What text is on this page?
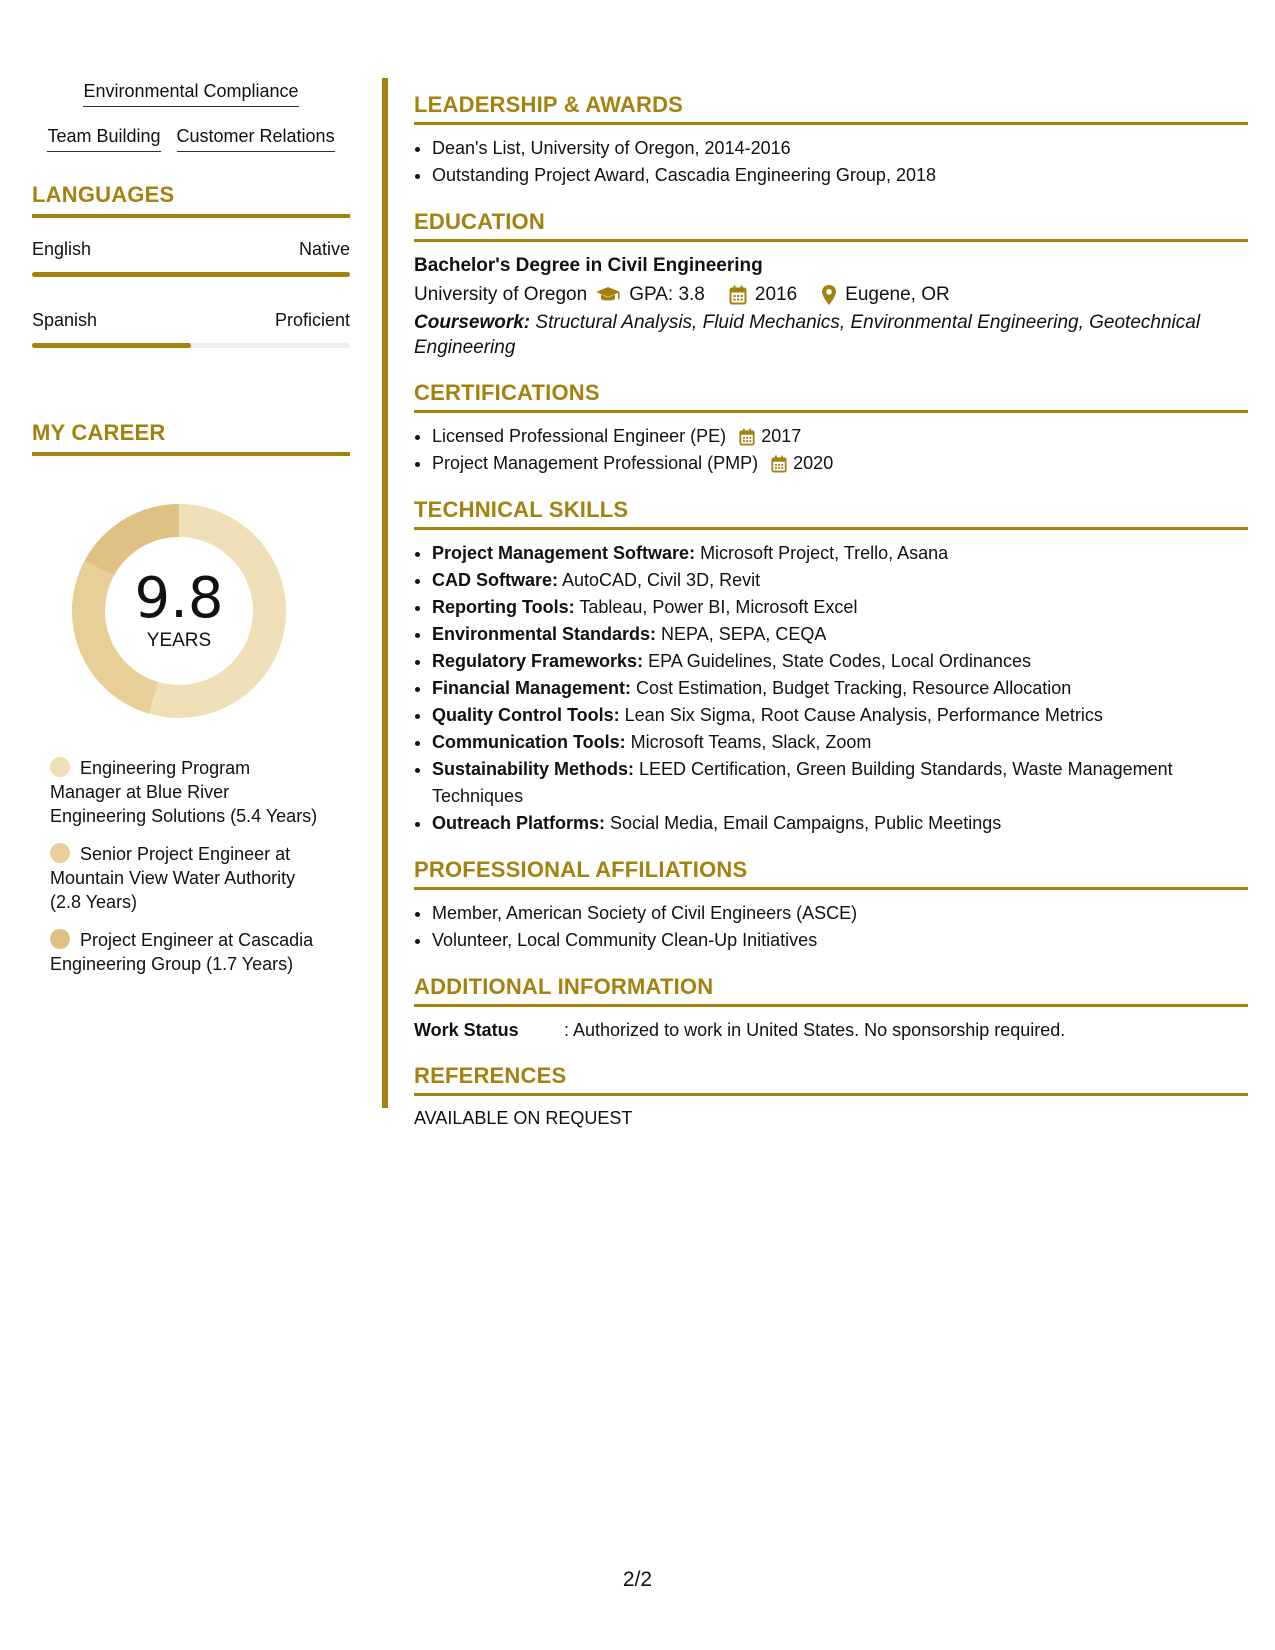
Environmental Compliance
Team Building Customer Relations
LANGUAGES
English	Native
Spanish	Proficient
MY CAREER
9.8
YEARS
Engineering Program Manager at Blue River Engineering Solutions (5.4 Years)
Senior Project Engineer at Mountain View Water Authority (2.8 Years)
Project Engineer at Cascadia Engineering Group (1.7 Years)
LEADERSHIP & AWARDS
• Dean's List, University of Oregon, 2014-2016
• Outstanding Project Award, Cascadia Engineering Group, 2018
EDUCATION
Bachelor's Degree in Civil Engineering
University of Oregon GPA: 3.8	2016	Eugene, OR
Coursework: Structural Analysis, Fluid Mechanics, Environmental Engineering, Geotechnical Engineering
CERTIFICATIONS
• Licensed Professional Engineer (PE) 2017
• Project Management Professional (PMP) 2020
TECHNICAL SKILLS
• Project Management Software: Microsoft Project, Trello, Asana
• CAD Software: AutoCAD, Civil 3D, Revit
• Reporting Tools: Tableau, Power BI, Microsoft Excel
• Environmental Standards: NEPA, SEPA, CEQA
• Regulatory Frameworks: EPA Guidelines, State Codes, Local Ordinances
• Financial Management: Cost Estimation, Budget Tracking, Resource Allocation
• Quality Control Tools: Lean Six Sigma, Root Cause Analysis, Performance Metrics
• Communication Tools: Microsoft Teams, Slack, Zoom
• Sustainability Methods: LEED Certification, Green Building Standards, Waste Management Techniques
• Outreach Platforms: Social Media, Email Campaigns, Public Meetings
PROFESSIONAL AFFILIATIONS
• Member, American Society of Civil Engineers (ASCE)
• Volunteer, Local Community Clean-Up Initiatives
ADDITIONAL INFORMATION
Work Status	: Authorized to work in United States. No sponsorship required.
REFERENCES
AVAILABLE ON REQUEST
2/2
